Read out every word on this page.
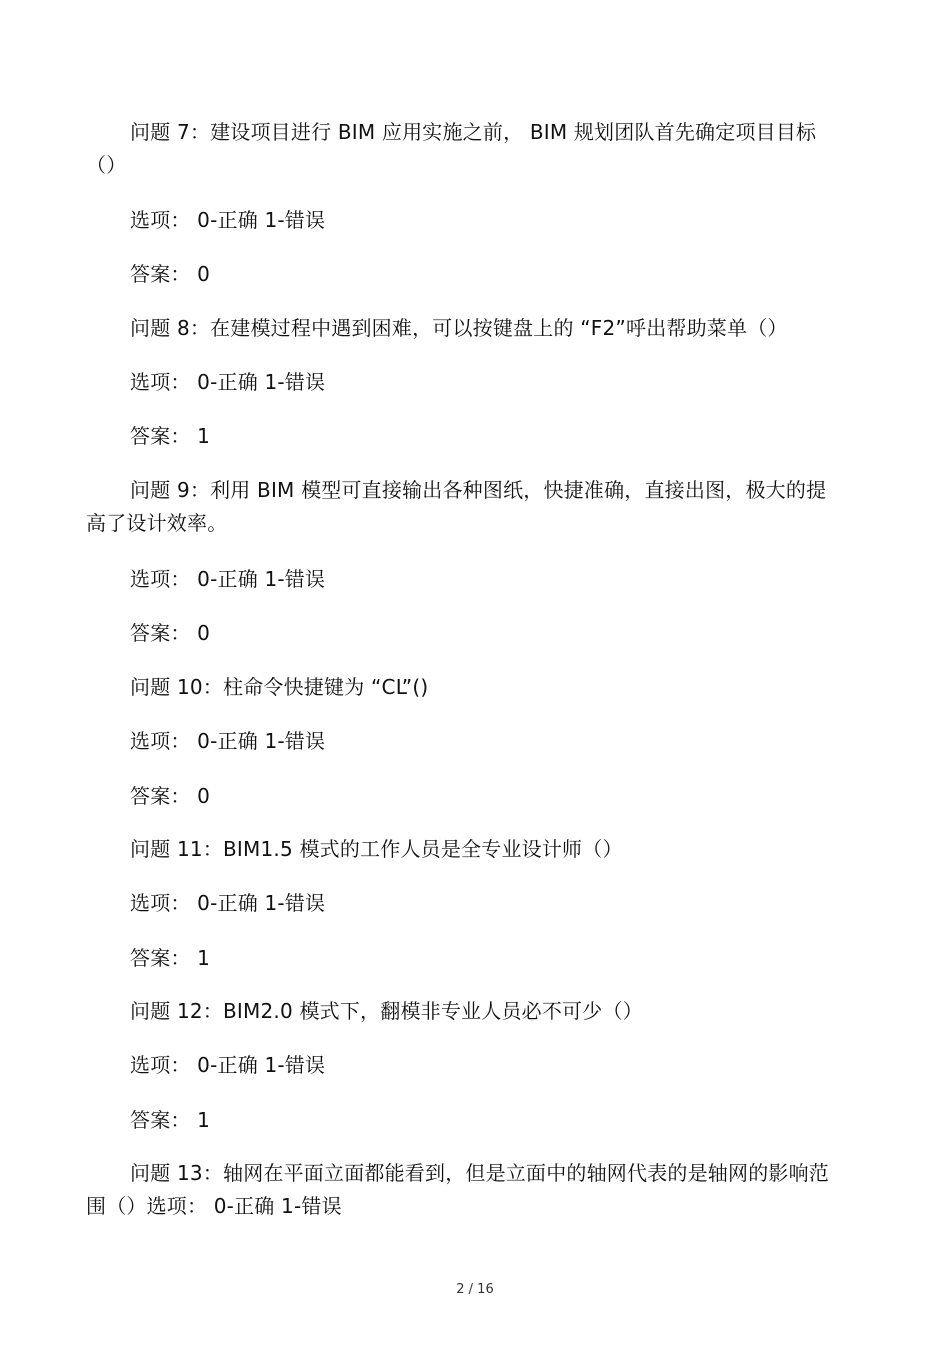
问题 7：建设项目进行 BIM 应用实施之前， BIM 规划团队首先确定项目目标（）
选项： 0-正确 1-错误
答案： 0
问题 8：在建模过程中遇到困难，可以按键盘上的 “F2”呼出帮助菜单（）
选项： 0-正确 1-错误
答案： 1
问题 9：利用 BIM 模型可直接输出各种图纸，快捷准确，直接出图，极大的提高了设计效率。
选项： 0-正确 1-错误
答案： 0
问题 10：柱命令快捷键为 “CL”()
选项： 0-正确 1-错误
答案： 0
问题 11：BIM1.5 模式的工作人员是全专业设计师（）
选项： 0-正确 1-错误
答案： 1
问题 12：BIM2.0 模式下，翻模非专业人员必不可少（）
选项： 0-正确 1-错误
答案： 1
问题 13：轴网在平面立面都能看到，但是立面中的轴网代表的是轴网的影响范围（）选项： 0-正确 1-错误
2 / 16
